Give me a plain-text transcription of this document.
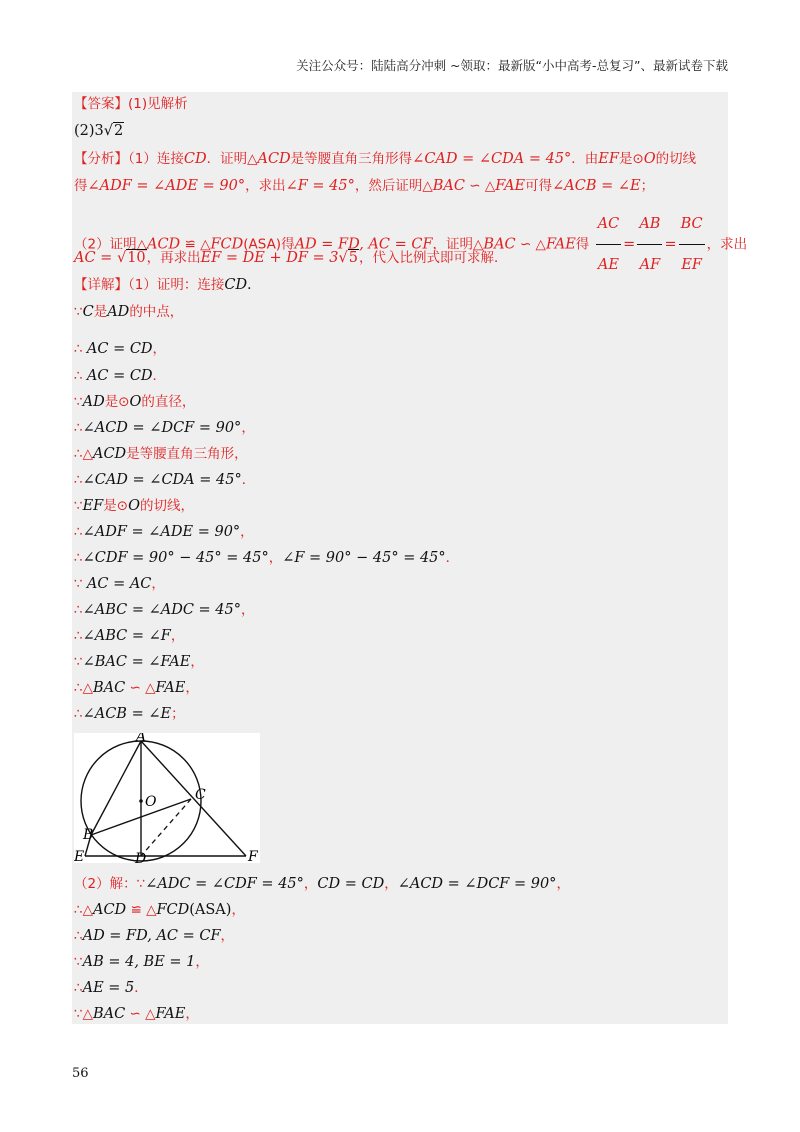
关注公众号：陆陆高分冲刺 ~领取：最新版“小中高考-总复习”、最新试卷下载
【答案】(1)见解析
(2)3√2
【分析】（1）连接CD．证明△ACD是等腰直角三角形得∠CAD = ∠CDA = 45°．由EF是⊙O的切线
得∠ADF = ∠ADE = 90°，求出∠F = 45°，然后证明△BAC ∽ △FAE可得∠ACB = ∠E；
（2）证明△ACD ≌ △FCD(ASA)得AD = FD, AC = CF，证明△BAC ∽ △FAE得 $\frac{AC}{AE} = \frac{AB}{AF} = \frac{BC}{EF}$ ，求出
AC = √10，再求出EF = DE + DF = 3√5，代入比例式即可求解．
【详解】（1）证明：连接CD．
∵C是AD的中点，
∴ AC = CD，
∴ AC = CD．
∵AD是⊙O的直径，
∴∠ACD = ∠DCF = 90°，
∴△ACD是等腰直角三角形，
∴∠CAD = ∠CDA = 45°．
∵EF是⊙O的切线，
∴∠ADF = ∠ADE = 90°，
∴∠CDF = 90° − 45° = 45°，∠F = 90° − 45° = 45°．
∵ AC = AC，
∴∠ABC = ∠ADC = 45°，
∴∠ABC = ∠F，
∵∠BAC = ∠FAE，
∴△BAC ∽ △FAE，
∴∠ACB = ∠E；
A
O	C
B
E	D	F
（2）解：∵∠ADC = ∠CDF = 45°，CD = CD，∠ACD = ∠DCF = 90°，
∴△ACD ≌ △FCD(ASA)，
∴AD = FD, AC = CF，
∵AB = 4, BE = 1，
∴AE = 5．
∵△BAC ∽ △FAE，
56
